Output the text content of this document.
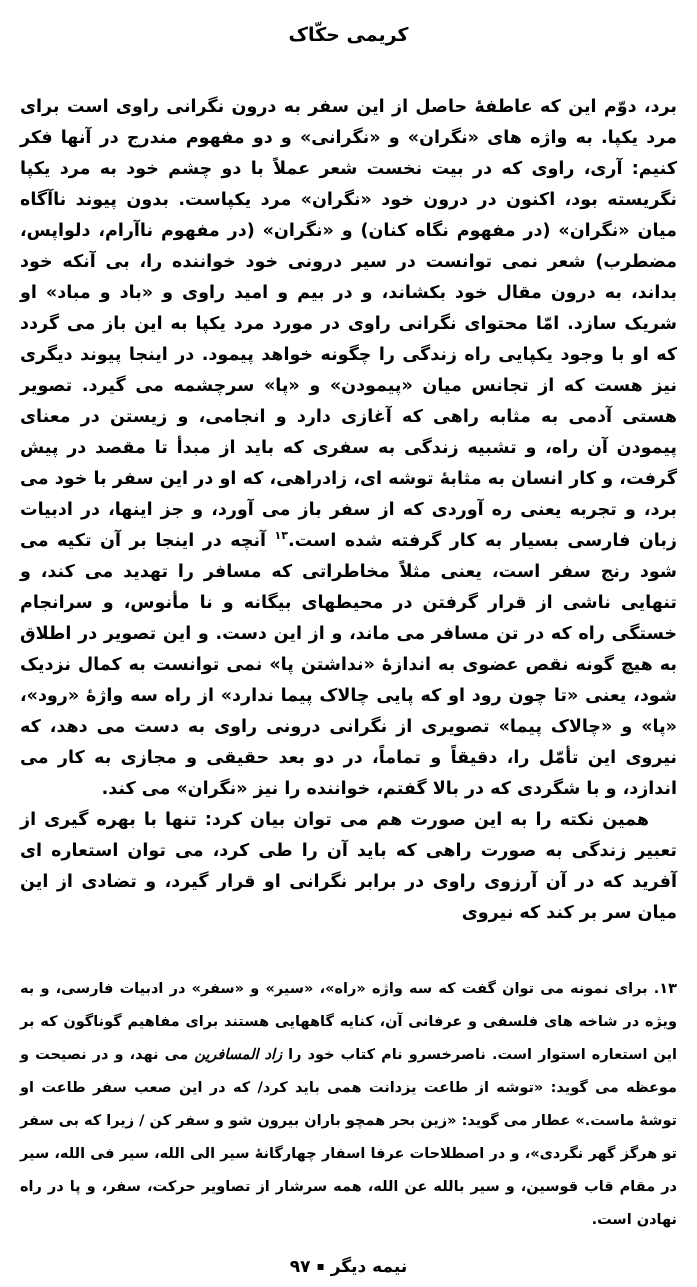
کریمی حکّاک

برد، دوّم این که عاطفهٔ حاصل از این سفر به درون نگرانی راوی است برای مرد یکپا. به واژه های «نگران» و «نگرانی» و دو مفهوم مندرج در آنها فکر کنیم: آری، راوی که در بیت نخست شعر عملاً با دو چشم خود به مرد یکپا نگریسته بود، اکنون در درون خود «نگران» مرد یکپاست. بدون پیوند ناآگاه میان «نگران» (در مفهوم نگاه کنان) و «نگران» (در مفهوم ناآرام، دلواپس، مضطرب) شعر نمی توانست در سیر درونی خود خواننده را، بی آنکه خود بداند، به درون مقال خود بکشاند، و در بیم و امید راوی و «باد و مباد» او شریک سازد. امّا محتوای نگرانی راوی در مورد مرد یکپا به این باز می گردد که او با وجود یکپایی راه زندگی را چگونه خواهد پیمود. در اینجا پیوند دیگری نیز هست که از تجانس میان «پیمودن» و «پا» سرچشمه می گیرد. تصویر هستی آدمی به مثابه راهی که آغازی دارد و انجامی، و زیستن در معنای پیمودن آن راه، و تشبیه زندگی به سفری که باید از مبدأ تا مقصد در پیش گرفت، و کار انسان به مثابهٔ توشه ای، زادراهی، که او در این سفر با خود می برد، و تجربه یعنی ره آوردی که از سفر باز می آورد، و جز اینها، در ادبیات زبان فارسی بسیار به کار گرفته شده است.$^{۱۳}$ آنچه در اینجا بر آن تکیه می شود رنج سفر است، یعنی مثلاً مخاطراتی که مسافر را تهدید می کند، و تنهایی ناشی از قرار گرفتن در محیطهای بیگانه و نا مأنوس، و سرانجام خستگی راه که در تن مسافر می ماند، و از این دست. و این تصویر در اطلاق به هیچ گونه نقص عضوی به اندازهٔ «نداشتن پا» نمی توانست به کمال نزدیک شود، یعنی «تا چون رود او که پایی چالاک پیما ندارد» از راه سه واژهٔ «رود»، «پا» و «چالاک پیما» تصویری از نگرانی درونی راوی به دست می دهد، که نیروی این تأمّل را، دقیقاً و تماماً، در دو بعد حقیقی و مجازی به کار می اندازد، و با شگردی که در بالا گفتم، خواننده را نیز «نگران» می کند.

همین نکته را به این صورت هم می توان بیان کرد: تنها با بهره گیری از تعبیر زندگی به صورت راهی که باید آن را طی کرد، می توان استعاره ای آفرید که در آن آرزوی راوی در برابر نگرانی او قرار گیرد، و تضادی از این میان سر بر کند که نیروی

۱۳. برای نمونه می توان گفت که سه واژه «راه»، «سیر» و «سفر» در ادبیات فارسی، و به ویژه در شاخه های فلسفی و عرفانی آن، کنایه گاههایی هستند برای مفاهیم گوناگون که بر این استعاره استوار است. ناصرخسرو نام کتاب خود را زاد المسافرین می نهد، و در نصیحت و موعظه می گوید: «توشه از طاعت یزدانت همی باید کرد/ که در این صعب سفر طاعت او توشهٔ ماست.» عطار می گوید: «زین بحر همچو باران بیرون شو و سفر کن / زیرا که بی سفر تو هرگز گهر نگردی»، و در اصطلاحات عرفا اسفار چهارگانهٔ سیر الی الله، سیر فی الله، سیر در مقام قاب قوسین، و سیر بالله عن الله، همه سرشار از تصاویر حرکت، سفر، و پا در راه نهادن است.

نیمه دیگر▪۹۷
